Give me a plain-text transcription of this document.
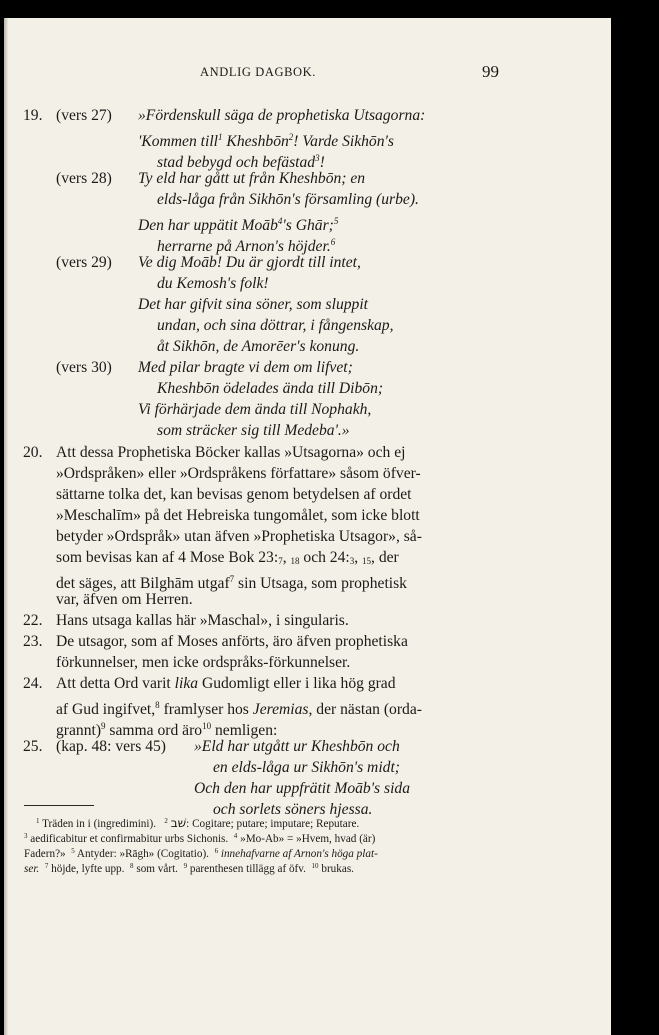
ANDLIG DAGBOK.	99
19. (vers 27) »Fördenskull säga de prophetiska Utsagorna:
'Kommen till$^1$ Kheshbōn$^2$! Varde Sikhōn's
stad bebygd och befästad$^3$!
(vers 28) Ty eld har gått ut från Kheshbōn; en
elds-låga från Sikhōn's församling (urbe).
Den har uppätit Moāb$^4$'s Ghār;$^5$
herrarne på Arnon's höjder.$^6$
(vers 29) Ve dig Moāb! Du är gjordt till intet,
du Kemosh's folk!
Det har gifvit sina söner, som sluppit
undan, och sina döttrar, i fångenskap,
åt Sikhōn, de Amorēer's konung.
(vers 30) Med pilar bragte vi dem om lifvet;
Kheshbōn ödelades ända till Dibōn;
Vi förhärjade dem ända till Nophakh,
som sträcker sig till Medeba'.»
20. Att dessa Prophetiska Böcker kallas »Utsagorna» och ej
»Ordspråken» eller »Ordspråkens författare» såsom öfver-
sättarne tolka det, kan bevisas genom betydelsen af ordet
»Meschalīm» på det Hebreiska tungomålet, som icke blott
betyder »Ordspråk» utan äfven »Prophetiska Utsagor», så-
som bevisas kan af 4 Mose Bok $23:_7$, $_{18}$ och $24:_3$, $_{15}$, der
det säges, att Bilghām utgaf$^7$ sin Utsaga, som prophetisk
var, äfven om Herren.
22. Hans utsaga kallas här »Maschal», i singularis.
23. De utsagor, som af Moses anförts, äro äfven prophetiska
förkunnelser, men icke ordspråks-förkunnelser.
24. Att detta Ord varit lika Gudomligt eller i lika hög grad
af Gud ingifvet,$^8$ framlyser hos Jeremias, der nästan (orda-
grannt)$^9$ samma ord äro$^{10}$ nemligen:
25. (kap. 48: vers 45) »Eld har utgått ur Kheshbōn och
en elds-låga ur Sikhōn's midt;
Och den har uppfrätit Moāb's sida
och sorlets söners hjessa.
$^1$ Träden in i (ingredimini). $^2$ שׁב: Cogitare; putare; imputare; Reputare.
$^3$ aedificabitur et confirmabitur urbs Sichonis. $^4$ »Mo-Ab» = »Hvem, hvad (är)
Fadern?» $^5$ Antyder: »Rāgh» (Cogitatio). $^6$ innehafvarne af Arnon's höga plat-
ser. $^7$ höjde, lyfte upp. $^8$ som vårt. $^9$ parenthesen tillägg af öfv. $^{10}$ brukas.
